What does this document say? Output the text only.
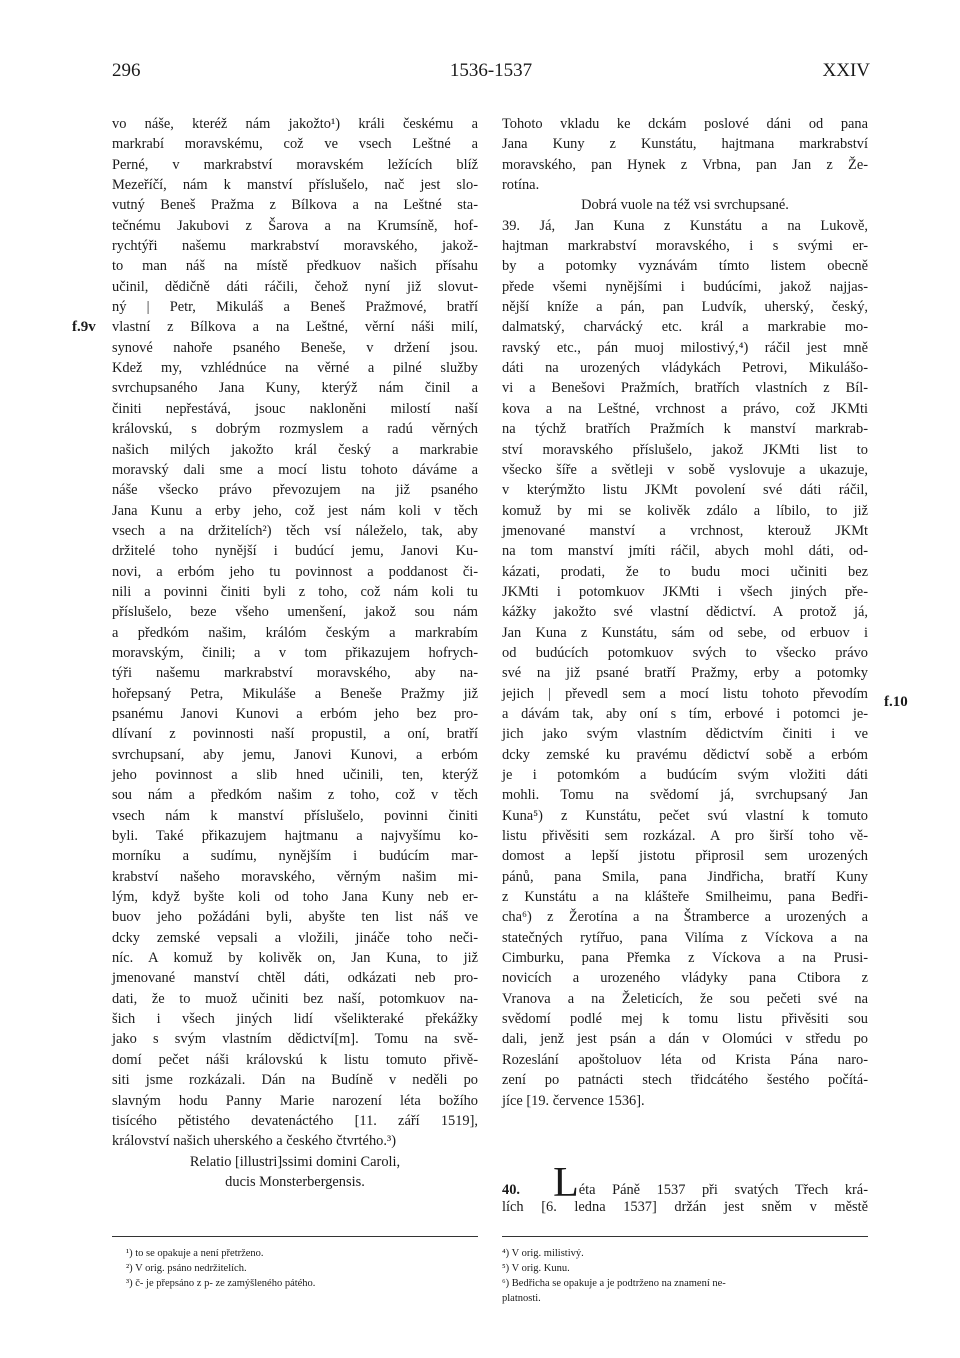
296	1536-1537	XXIV
f.9v
f.10
vo náše, kteréž nám jakožto¹) králi českému a
markrabí moravskému, což ve vsech Leštné a
Perné, v markrabství moravském ležících blíž
Mezeříčí, nám k manství příslušelo, nač jest slo-
vutný Beneš Pražma z Bílkova a na Leštné sta-
tečnému Jakubovi z Šarova a na Krumsíně, hof-
rychtýři našemu markrabství moravského, jakož-
to man náš na místě předkuov našich přísahu
učinil, dědičně dáti ráčili, čehož nyní již slovut-
ný | Petr, Mikuláš a Beneš Pražmové, bratří
vlastní z Bílkova a na Leštné, věrní náši milí,
synové nahoře psaného Beneše, v držení jsou.
Kdež my, vzhlédnúce na věrné a pilné služby
svrchupsaného Jana Kuny, kterýž nám činil a
činiti nepřestává, jsouc nakloněni milostí naší
královskú, s dobrým rozmyslem a radú věrných
našich milých jakožto král český a markrabie
moravský dali sme a mocí listu tohoto dáváme a
náše všecko právo převozujem na již psaného
Jana Kunu a erby jeho, což jest nám koli v těch
vsech a na držitelích²) těch vsí náleželo, tak, aby
držitelé toho nynější i budúcí jemu, Janovi Ku-
novi, a erbóm jeho tu povinnost a poddanost či-
nili a povinni činiti byli z toho, což nám koli tu
příslušelo, beze všeho umenšení, jakož sou nám
a předkóm našim, králóm českým a markrabím
moravským, činili; a v tom přikazujem hofrych-
týři našemu markrabství moravského, aby na-
hořepsaný Petra, Mikuláše a Beneše Pražmy již
psanému Janovi Kunovi a erbóm jeho bez pro-
dlívaní z povinnosti naší propustil, a oní, bratří
svrchupsaní, aby jemu, Janovi Kunovi, a erbóm
jeho povinnost a slib hned učinili, ten, kterýž
sou nám a předkóm našim z toho, což v těch
vsech nám k manství příslušelo, povinni činiti
byli. Také přikazujem hajtmanu a najvyšímu ko-
morníku a sudímu, nynějším i budúcím mar-
krabství našeho moravského, věrným našim mi-
lým, když byšte koli od toho Jana Kuny neb er-
buov jeho požádáni byli, abyšte ten list náš ve
dcky zemské vepsali a vložili, jináče toho neči-
níc. A komuž by kolivěk on, Jan Kuna, to již
jmenované manství chtěl dáti, odkázati neb pro-
dati, že to muož učiniti bez naší, potomkuov na-
šich i všech jiných lidí všelikteraké překážky
jako s svým vlastním dědictví[m]. Tomu na svě-
domí pečet náši královskú k listu tomuto přivě-
siti jsme rozkázali. Dán na Budíně v neděli po
slavným hodu Panny Marie narození léta božího
tisícého pětistého devatenáctého [11. září 1519],
království našich uherského a českého čtvrtého.³)
Relatio [illustri]ssimi domini Caroli,
ducis Monsterbergensis.
Tohoto vkladu ke dckám poslové dáni od pana
Jana Kuny z Kunstátu, hajtmana markrabství
moravského, pan Hynek z Vrbna, pan Jan z Že-
rotína.
Dobrá vuole na též vsi svrchupsané.
39. Já, Jan Kuna z Kunstátu a na Lukově,
hajtman markrabství moravského, i s svými er-
by a potomky vyznávám tímto listem obecně
přede všemi nynějšími i budúcími, jakož najjas-
nější kníže a pán, pan Ludvík, uherský, český,
dalmatský, charvácký etc. král a markrabie mo-
ravský etc., pán muoj milostivý,⁴) ráčil jest mně
dáti na urozených vládykách Petrovi, Mikulášo-
vi a Benešovi Pražmích, bratřích vlastních z Bíl-
kova a na Leštné, vrchnost a právo, což JKMti
na týchž bratřích Pražmích k manství markrab-
ství moravského příslušelo, jakož JKMti list to
všecko šíře a světleji v sobě vyslovuje a ukazuje,
v kterýmžto listu JKMt povolení své dáti ráčil,
komuž by mi se kolivěk zdálo a líbilo, to již
jmenované manství a vrchnost, kterouž JKMt
na tom manství jmíti ráčil, abych mohl dáti, od-
kázati, prodati, že to budu moci učiniti bez
JKMti i potomkuov JKMti i všech jiných pře-
kážky jakožto své vlastní dědictví. A protož já,
Jan Kuna z Kunstátu, sám od sebe, od erbuov i
od budúcích potomkuov svých to všecko právo
své na již psané bratří Pražmy, erby a potomky
jejich | převedl sem a mocí listu tohoto převodím
a dávám tak, aby oní s tím, erbové i potomci je-
jich jako svým vlastním dědictvím činiti i ve
dcky zemské ku pravému dědictví sobě a erbóm
je i potomkóm a budúcím svým vložiti dáti
mohli. Tomu na svědomí já, svrchupsaný Jan
Kuna⁵) z Kunstátu, pečet svú vlastní k tomuto
listu přivěsiti sem rozkázal. A pro širší toho vě-
domost a lepší jistotu připrosil sem urozených
pánů, pana Smila, pana Jindřicha, bratří Kuny
z Kunstátu a na klášteře Smilheimu, pana Bedři-
cha⁶) z Žerotína a na Štramberce a urozených a
statečných rytířuo, pana Vilíma z Víckova a na
Cimburku, pana Přemka z Víckova a na Prusi-
novicích a urozeného vládyky pana Ctibora z
Vranova a na Želeticích, že sou pečeti své na
svědomí podlé mej k tomu listu přivěsiti sou
dali, jenž jest psán a dán v Olomúci v středu po
Rozeslání apoštoluov léta od Krista Pána naro-
zení po patnácti stech třidcátého šestého počítá-
jíce [19. července 1536].
40. Léta Páně 1537 při svatých Třech krá-
lích [6. ledna 1537] držán jest sněm v městě
¹) to se opakuje a není přetrženo.
²) V orig. psáno nedržitelích.
³) č- je přepsáno z p- ze zamýšleného pátého.
⁴) V orig. milistivý.
⁵) V orig. Kunu.
⁶) Bedřicha se opakuje a je podtrženo na znamení ne-
platnosti.
